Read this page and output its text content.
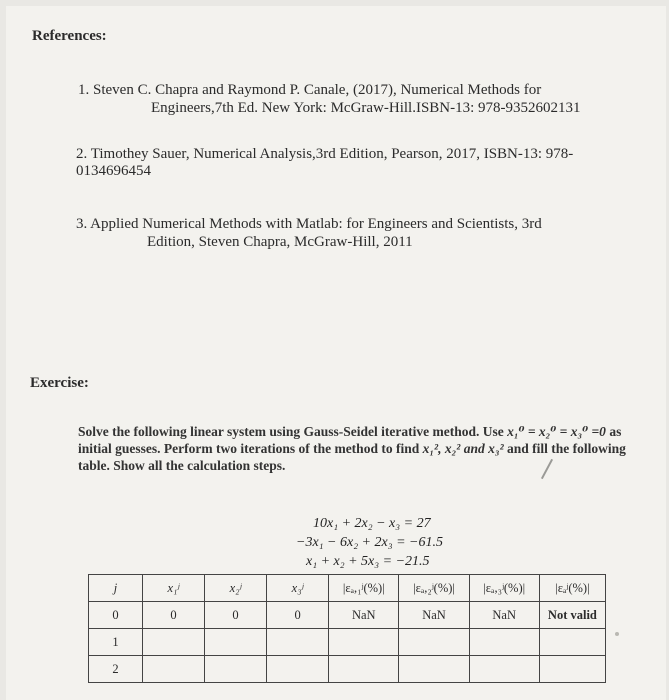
References:
1. Steven C. Chapra and Raymond P. Canale, (2017), Numerical Methods for
Engineers,7th Ed. New York: McGraw-Hill.ISBN-13: 978-9352602131
2. Timothey Sauer, Numerical Analysis,3rd Edition, Pearson, 2017, ISBN-13: 978-
0134696454
3. Applied Numerical Methods with Matlab: for Engineers and Scientists, 3rd
Edition, Steven Chapra, McGraw-Hill, 2011
Exercise:
Solve the following linear system using Gauss-Seidel iterative method. Use x₁⁰ = x₂⁰ = x₃⁰ =0 as
initial guesses. Perform two iterations of the method to find x₁², x₂² and x₃² and fill the following
table. Show all the calculation steps.
10x₁ + 2x₂ − x₃ = 27
−3x₁ − 6x₂ + 2x₃ = −61.5
x₁ + x₂ + 5x₃ = −21.5
j	x₁ʲ	x₂ʲ	x₃ʲ	|εₐ,₁ʲ(%)|	|εₐ,₂ʲ(%)|	|εₐ,₃ʲ(%)|	|εₐʲ(%)|
0	0	0	0	NaN	NaN	NaN	Not valid
1							
2							
